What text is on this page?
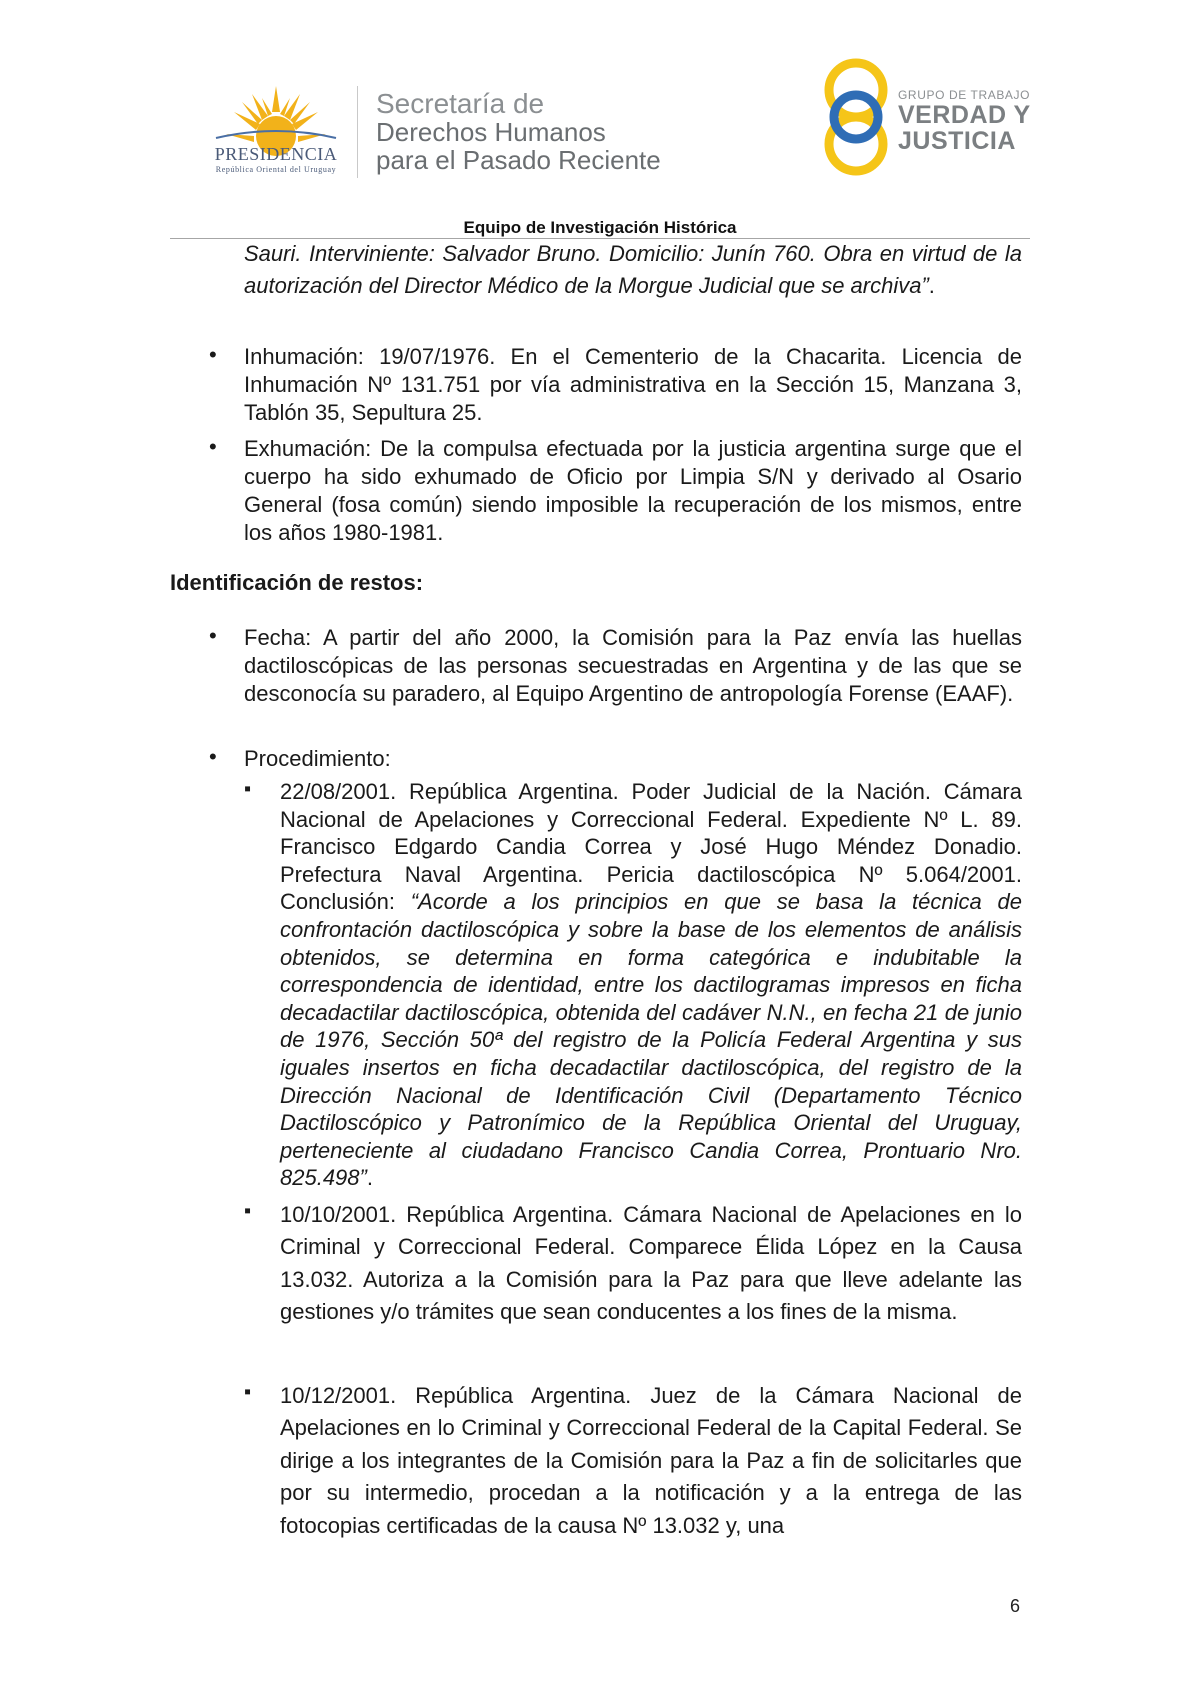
PRESIDENCIA
República Oriental del Uruguay
Secretaría de
Derechos Humanos
para el Pasado Reciente
GRUPO DE TRABAJO
VERDAD Y
JUSTICIA
Equipo de Investigación Histórica
Sauri. Interviniente: Salvador Bruno. Domicilio: Junín 760. Obra en virtud de la autorización del Director Médico de la Morgue Judicial que se archiva”.
• Inhumación: 19/07/1976. En el Cementerio de la Chacarita. Licencia de Inhumación Nº 131.751 por vía administrativa en la Sección 15, Manzana 3, Tablón 35, Sepultura 25.
• Exhumación: De la compulsa efectuada por la justicia argentina surge que el cuerpo ha sido exhumado de Oficio por Limpia S/N y derivado al Osario General (fosa común) siendo imposible la recuperación de los mismos, entre los años 1980-1981.
Identificación de restos:
• Fecha: A partir del año 2000, la Comisión para la Paz envía las huellas dactiloscópicas de las personas secuestradas en Argentina y de las que se desconocía su paradero, al Equipo Argentino de antropología Forense (EAAF).
• Procedimiento:
▪ 22/08/2001. República Argentina. Poder Judicial de la Nación. Cámara Nacional de Apelaciones y Correccional Federal. Expediente Nº L. 89. Francisco Edgardo Candia Correa y José Hugo Méndez Donadio. Prefectura Naval Argentina. Pericia dactiloscópica Nº 5.064/2001. Conclusión: “Acorde a los principios en que se basa la técnica de confrontación dactiloscópica y sobre la base de los elementos de análisis obtenidos, se determina en forma categórica e indubitable la correspondencia de identidad, entre los dactilogramas impresos en ficha decadactilar dactiloscópica, obtenida del cadáver N.N., en fecha 21 de junio de 1976, Sección 50ª del registro de la Policía Federal Argentina y sus iguales insertos en ficha decadactilar dactiloscópica, del registro de la Dirección Nacional de Identificación Civil (Departamento Técnico Dactiloscópico y Patronímico de la República Oriental del Uruguay, perteneciente al ciudadano Francisco Candia Correa, Prontuario Nro. 825.498”.
▪ 10/10/2001. República Argentina. Cámara Nacional de Apelaciones en lo Criminal y Correccional Federal. Comparece Élida López en la Causa 13.032. Autoriza a la Comisión para la Paz para que lleve adelante las gestiones y/o trámites que sean conducentes a los fines de la misma.
▪ 10/12/2001. República Argentina. Juez de la Cámara Nacional de Apelaciones en lo Criminal y Correccional Federal de la Capital Federal. Se dirige a los integrantes de la Comisión para la Paz a fin de solicitarles que por su intermedio, procedan a la notificación y a la entrega de las fotocopias certificadas de la causa Nº 13.032 y, una
6
